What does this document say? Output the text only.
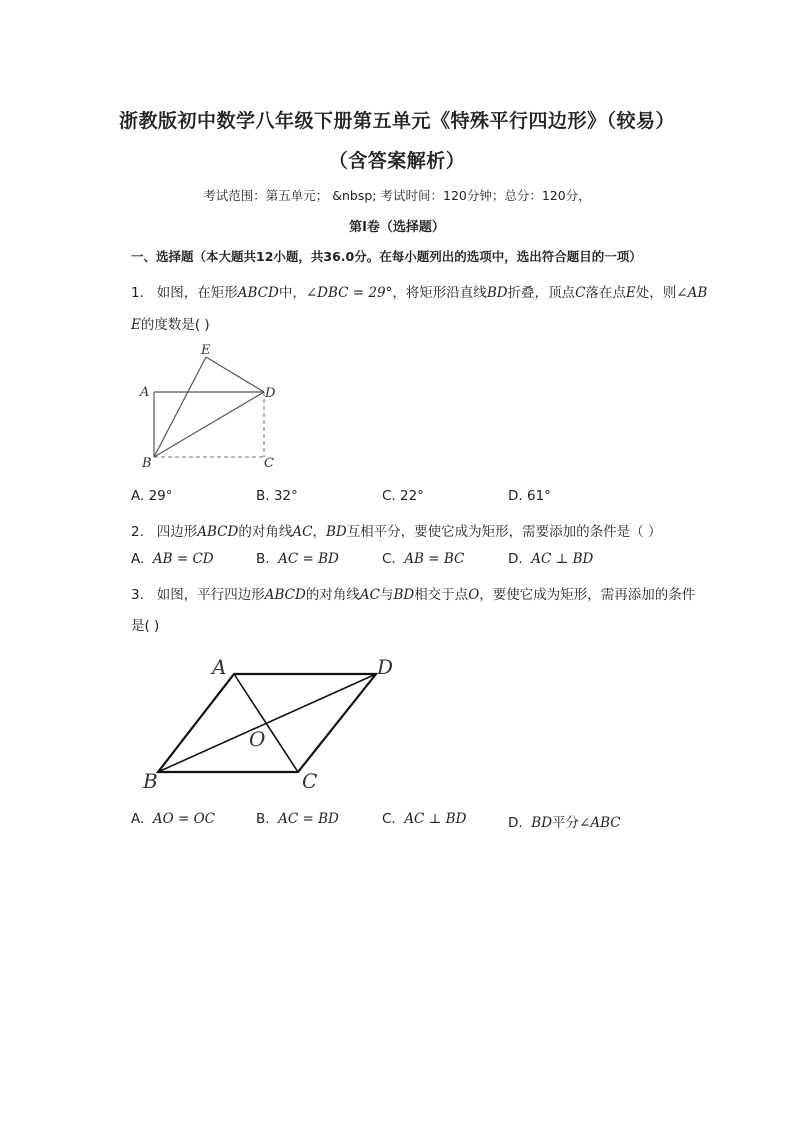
浙教版初中数学八年级下册第五单元《特殊平行四边形》（较易）
（含答案解析）
考试范围：第五单元； &nbsp; 考试时间：120分钟；总分：120分，
第I卷（选择题）
一、选择题（本大题共12小题，共36.0分。在每小题列出的选项中，选出符合题目的一项）
1. 如图，在矩形ABCD中，∠DBC = 29°，将矩形沿直线BD折叠，顶点C落在点E处，则∠AB
E的度数是( )
A
B	C
D
E
A. 29°	B. 32°	C. 22°	D. 61°
2. 四边形ABCD的对角线AC，BD互相平分，要使它成为矩形，需要添加的条件是（ ）
A. AB = CD	B. AC = BD	C. AB = BC	D. AC ⊥ BD
3. 如图，平行四边形ABCD的对角线AC与BD相交于点O，要使它成为矩形，需再添加的条件
是( )
A	D
B	C
O
A. AO = OC	B. AC = BD	C. AC ⊥ BD	D. BD平分∠ABC
